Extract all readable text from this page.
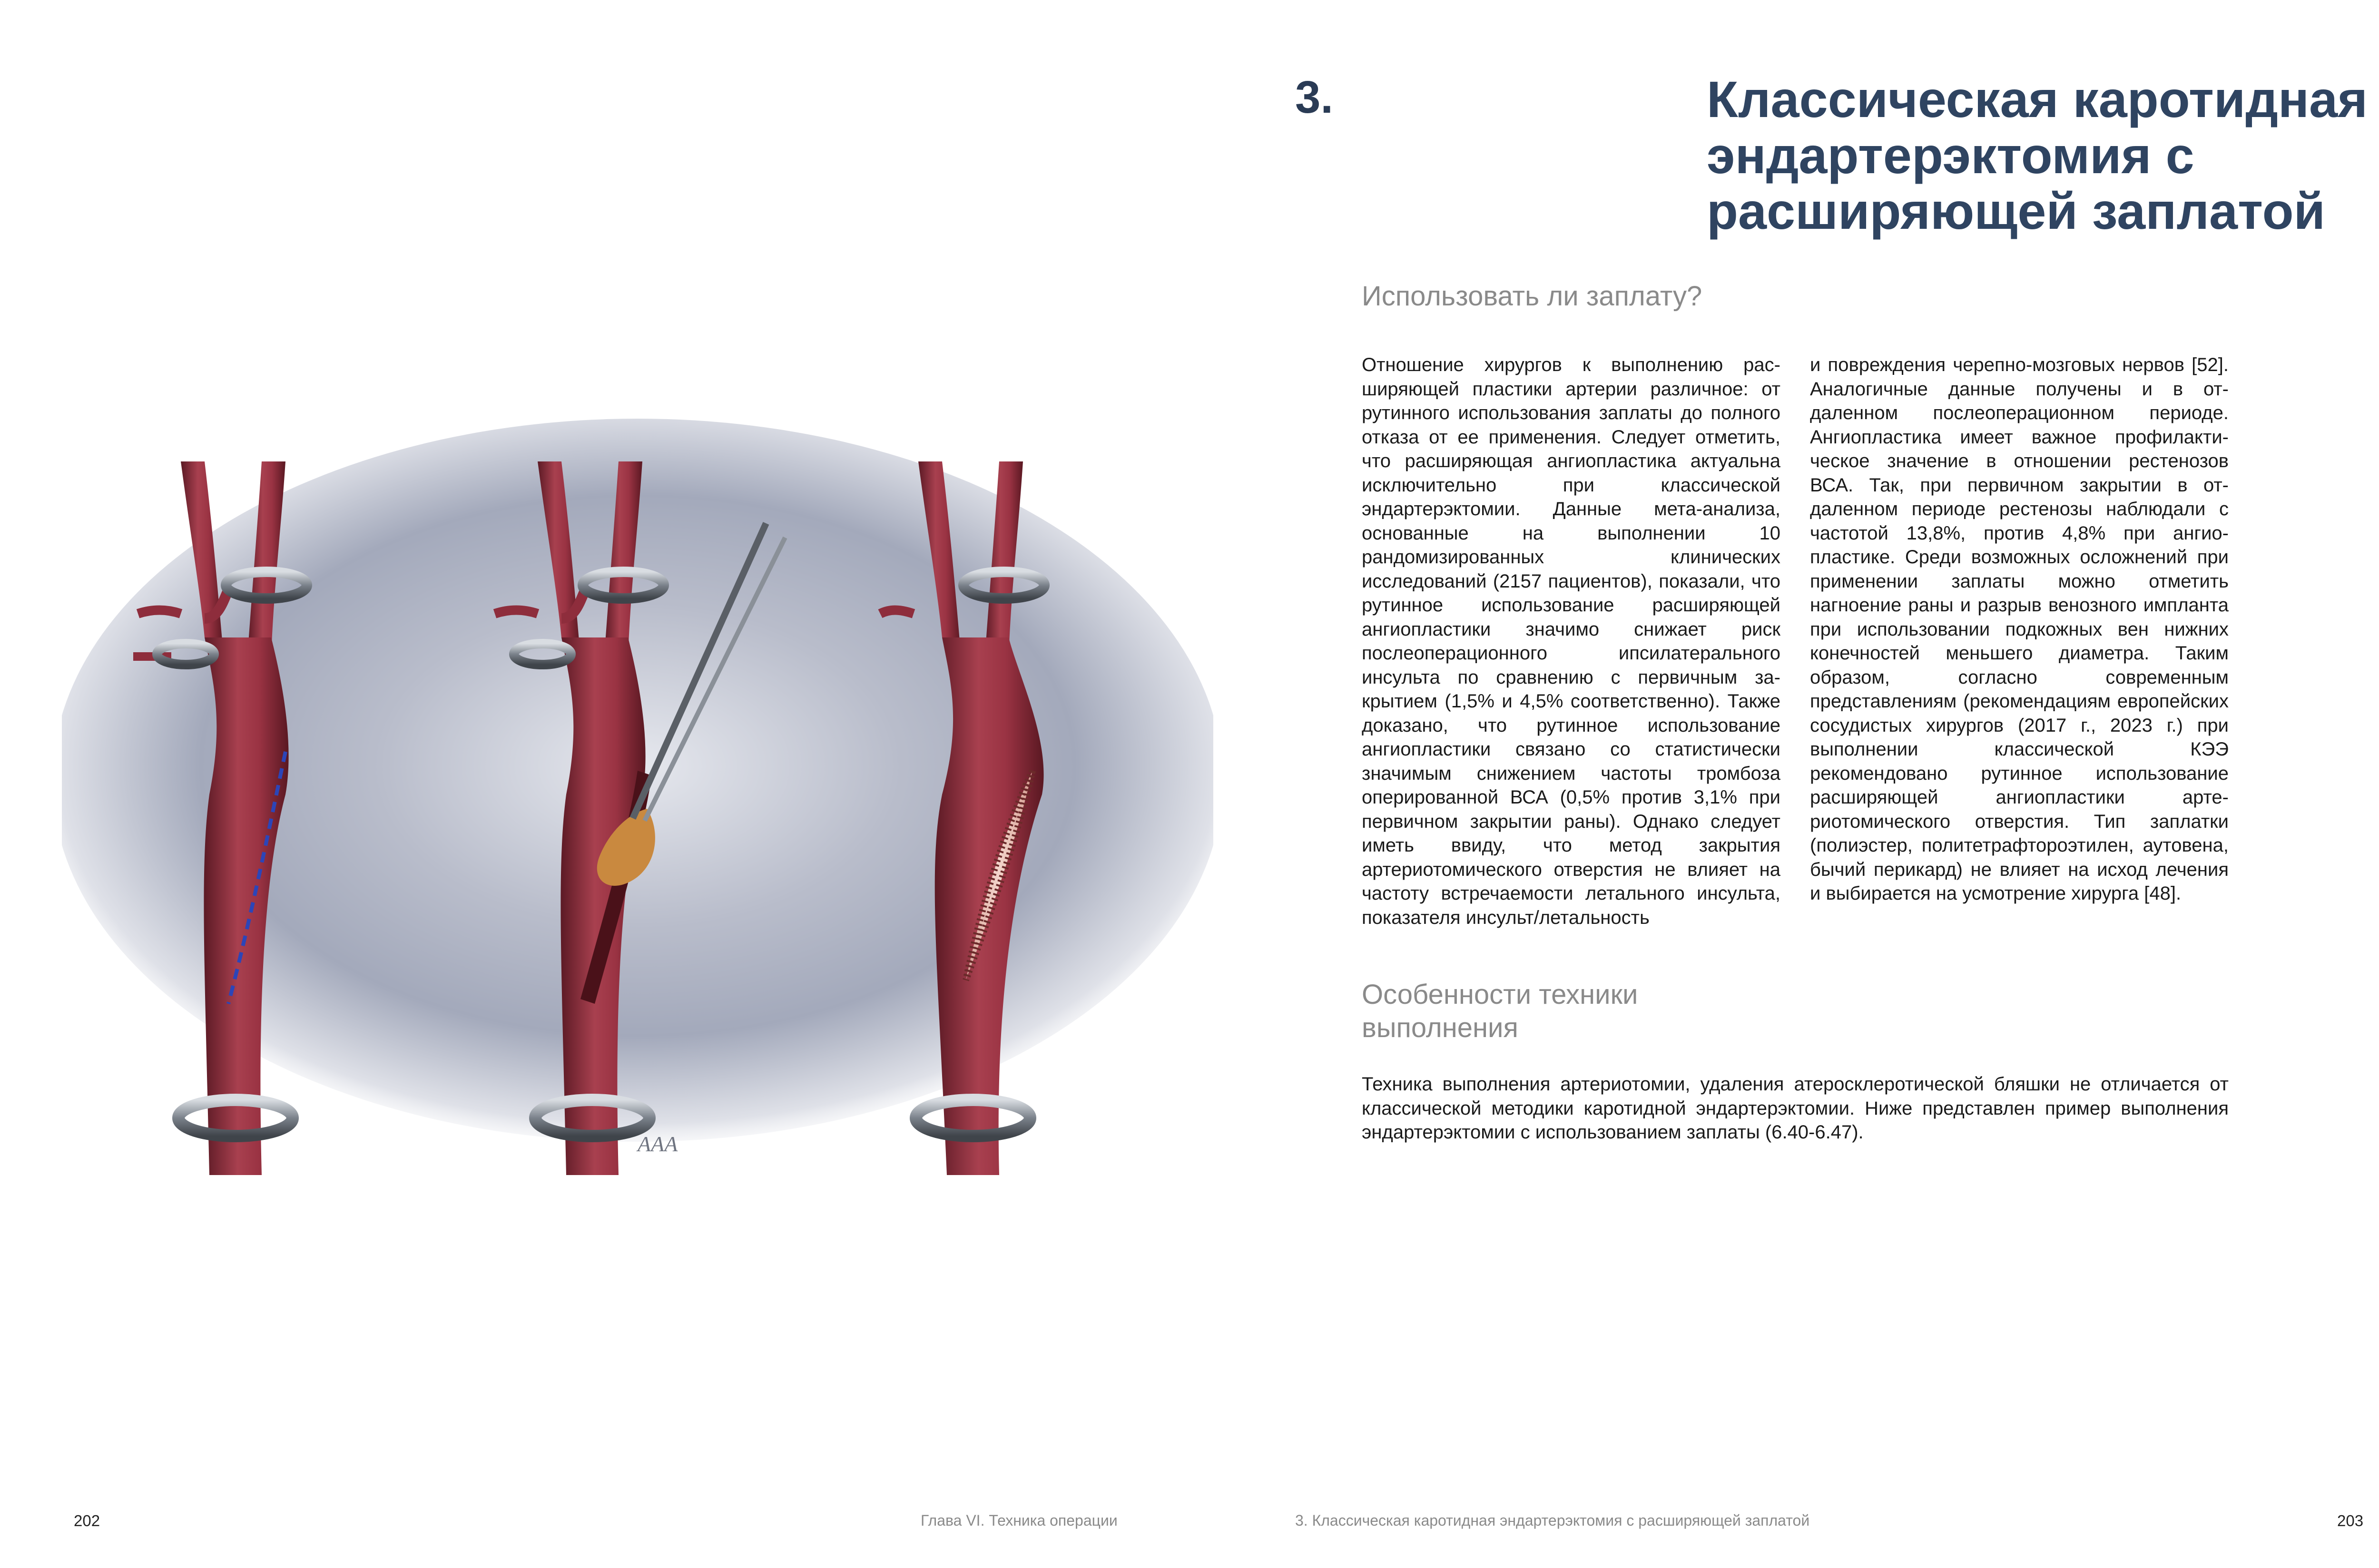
AAA
202	Глава VI. Техника операции
3.	Классическая каротидная эндартерэктомия с расширяющей заплатой
Использовать ли заплату?

Отношение хирургов к выполнению расширяющей пластики артерии различное: от рутинного использования заплаты до полного отказа от ее применения. Следует отметить, что расширяющая ангиопластика актуальна исключительно при классической эндартерэктомии. Данные мета-анализа, основанные на выполнении 10 рандомизированных клинических исследований (2157 пациентов), показали, что рутинное использование расширяющей ангиопластики значимо снижает риск послеоперационного ипсилатерального инсульта по сравнению с первичным закрытием (1,5% и 4,5% соответственно). Также доказано, что рутинное использование ангиопластики связано со статистически значимым снижением частоты тромбоза оперированной ВСА (0,5% против 3,1% при первичном закрытии раны). Однако следует иметь ввиду, что метод закрытия артериотомического отверстия не влияет на частоту встречаемости летального инсульта, показателя инсульт/летальность

и повреждения черепно-мозговых нервов [52]. Аналогичные данные получены и в отдаленном послеоперационном периоде. Ангиопластика имеет важное профилактическое значение в отношении рестенозов ВСА. Так, при первичном закрытии в отдаленном периоде рестенозы наблюдали с частотой 13,8%, против 4,8% при ангиопластике. Среди возможных осложнений при применении заплаты можно отметить нагноение раны и разрыв венозного импланта при использовании подкожных вен нижних конечностей меньшего диаметра. Таким образом, согласно современным представлениям (рекомендациям европейских сосудистых хирургов (2017 г., 2023 г.) при выполнении классической КЭЭ рекомендовано рутинное использование расширяющей ангиопластики артериотомического отверстия. Тип заплатки (полиэстер, политетрафтороэтилен, аутовена, бычий перикард) не влияет на исход лечения и выбирается на усмотрение хирурга [48].

Особенности техники
выполнения

Техника выполнения артериотомии, удаления атеросклеротической бляшки не отличается от классической методики каротидной эндартерэктомии. Ниже представлен пример выполнения эндартерэктомии с использованием заплаты (6.40-6.47).

3. Классическая каротидная эндартерэктомия с расширяющей заплатой	203
